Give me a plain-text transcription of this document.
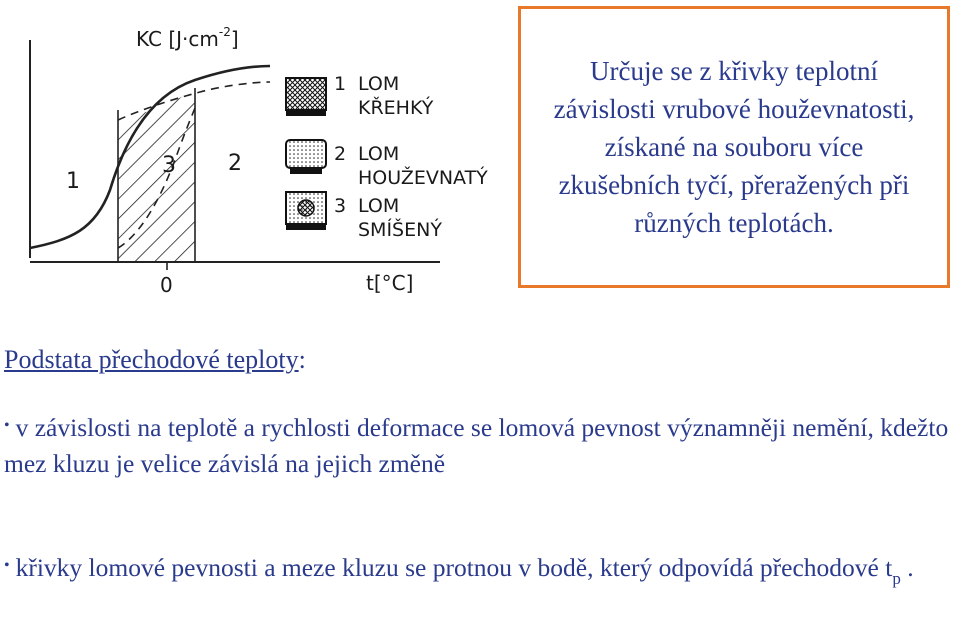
KC $[J\cdot cm^{-2}]$
t[°C]
0
1
3 2
1 LOM
KŘEHKÝ
2 LOM
HOUŽEVNATÝ
3 LOM
SMÍŠENÝ

Určuje se z křivky teplotní závislosti vrubové houževnatosti, získané na souboru více zkušebních tyčí, přeražených při různých teplotách.

Podstata přechodové teploty:

• v závislosti na teplotě a rychlosti deformace se lomová pevnost významněji nemění, kdežto mez kluzu je velice závislá na jejich změně

• křivky lomové pevnosti a meze kluzu se protnou v bodě, který odpovídá přechodové $t_p$ .
